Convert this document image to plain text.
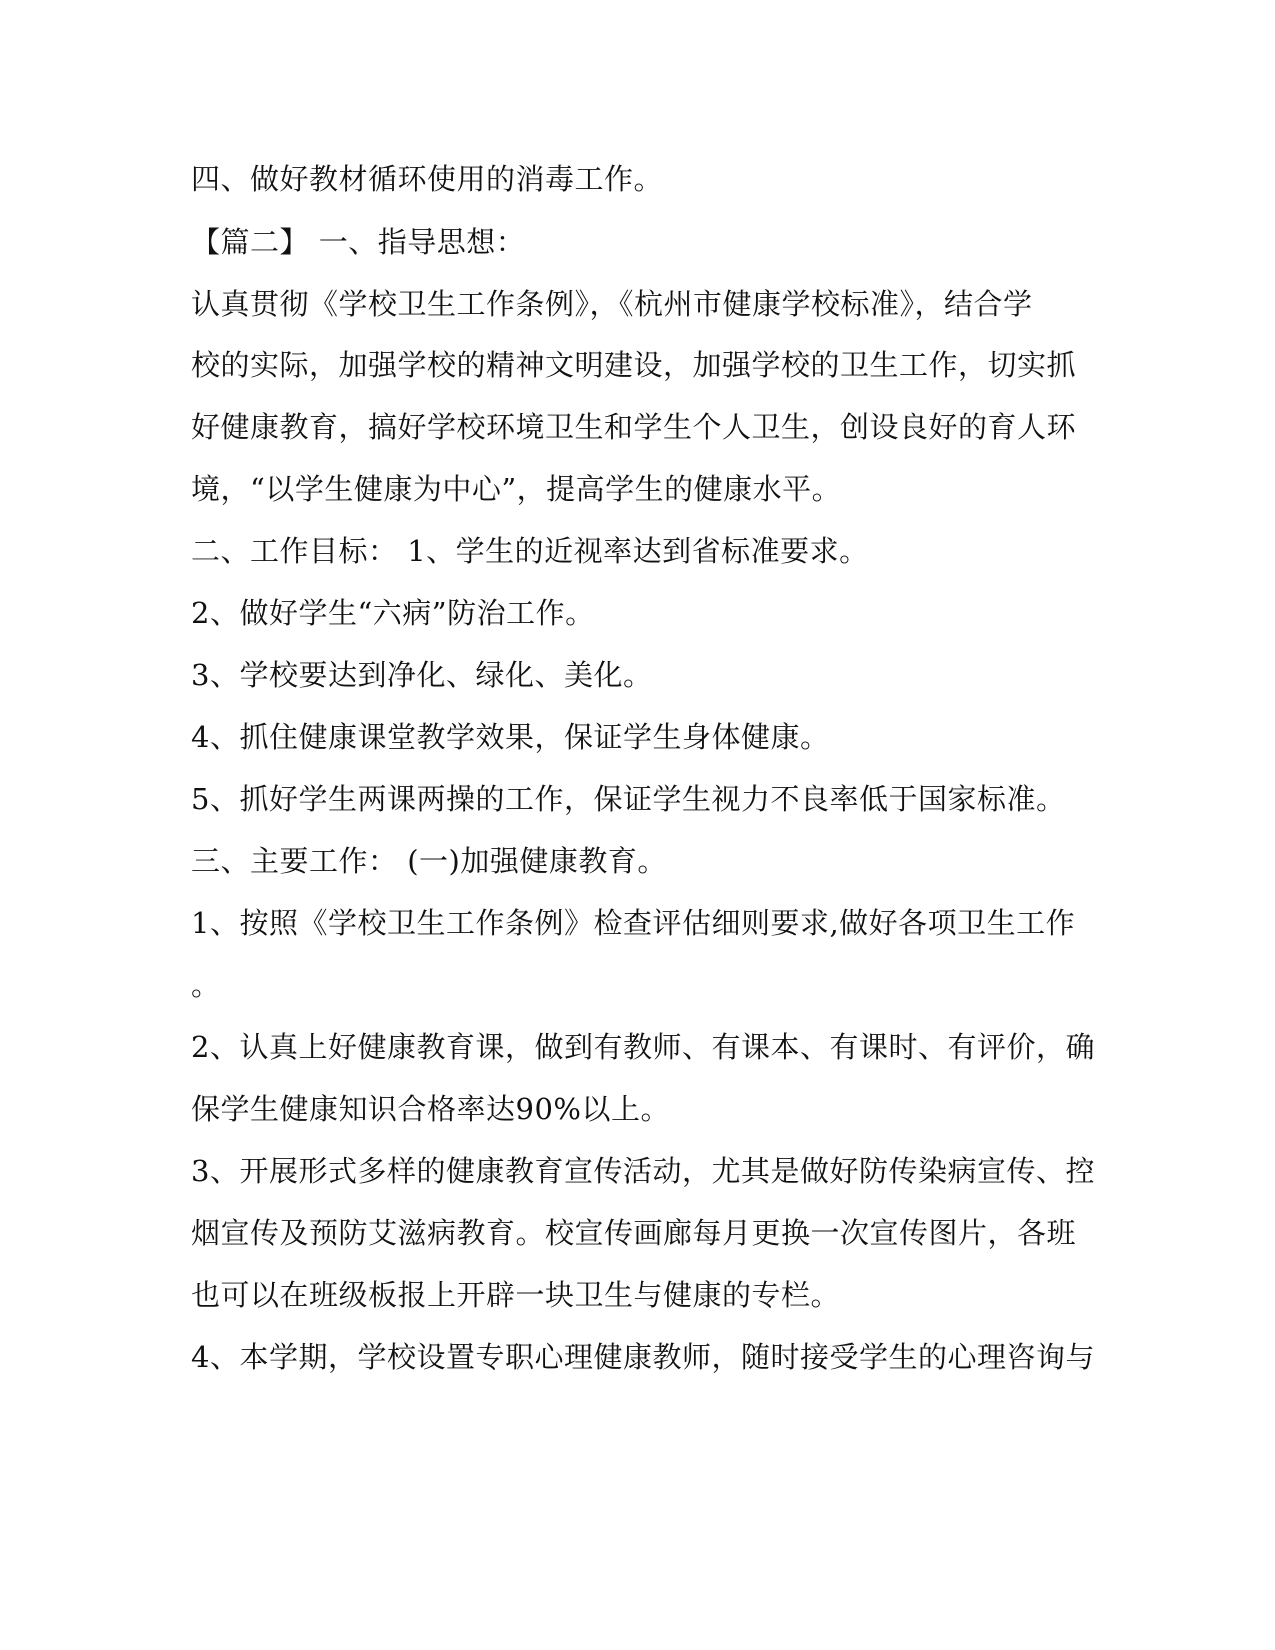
四、做好教材循环使用的消毒工作。

【篇二】 一、指导思想：

认真贯彻《学校卫生工作条例》，《杭州市健康学校标准》，结合学

校的实际，加强学校的精神文明建设，加强学校的卫生工作，切实抓

好健康教育，搞好学校环境卫生和学生个人卫生，创设良好的育人环

境，“以学生健康为中心”，提高学生的健康水平。

二、工作目标： 1、学生的近视率达到省标准要求。

2、做好学生“六病”防治工作。

3、学校要达到净化、绿化、美化。

4、抓住健康课堂教学效果，保证学生身体健康。

5、抓好学生两课两操的工作，保证学生视力不良率低于国家标准。

三、主要工作： (一)加强健康教育。

1、按照《学校卫生工作条例》检查评估细则要求,做好各项卫生工作

。

2、认真上好健康教育课，做到有教师、有课本、有课时、有评价，确

保学生健康知识合格率达90%以上。

3、开展形式多样的健康教育宣传活动，尤其是做好防传染病宣传、控

烟宣传及预防艾滋病教育。校宣传画廊每月更换一次宣传图片，各班

也可以在班级板报上开辟一块卫生与健康的专栏。

4、本学期，学校设置专职心理健康教师，随时接受学生的心理咨询与
